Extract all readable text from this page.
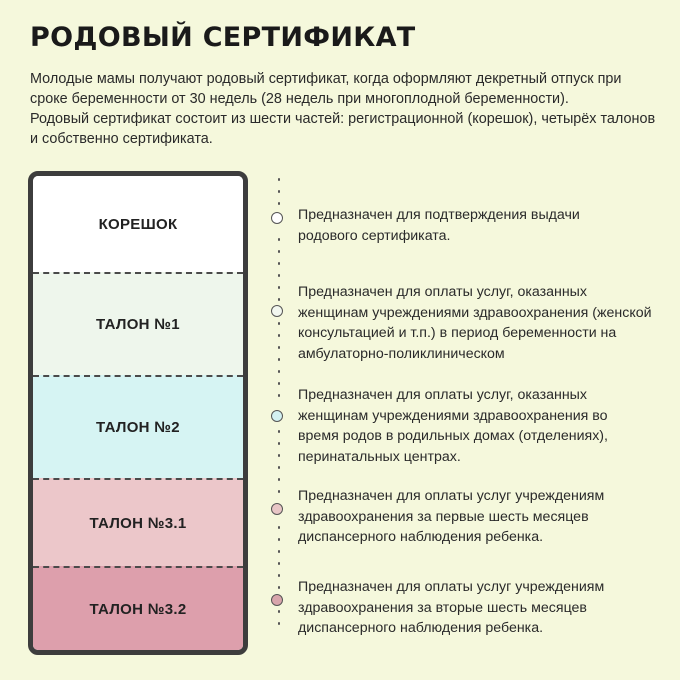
РОДОВЫЙ СЕРТИФИКАТ

Молодые мамы получают родовый сертификат, когда оформляют декретный отпуск при сроке беременности от 30 недель (28 недель при многоплодной беременности).

Родовый сертификат состоит из шести частей: регистрационной (корешок), четырёх талонов и собственно сертификата.

КОРЕШОК
ТАЛОН №1
ТАЛОН №2
ТАЛОН №3.1
ТАЛОН №3.2

Предназначен для подтверждения выдачи родового сертификата.

Предназначен для оплаты услуг, оказанных женщинам учреждениями здравоохранения (женской консультацией и т.п.) в период беременности на амбулаторно-поликлиническом

Предназначен для оплаты услуг, оказанных женщинам учреждениями здравоохранения во время родов в родильных домах (отделениях), перинатальных центрах.

Предназначен для оплаты услуг учреждениям здравоохранения за первые шесть месяцев диспансерного наблюдения ребенка.

Предназначен для оплаты услуг учреждениям здравоохранения за вторые шесть месяцев диспансерного наблюдения ребенка.
